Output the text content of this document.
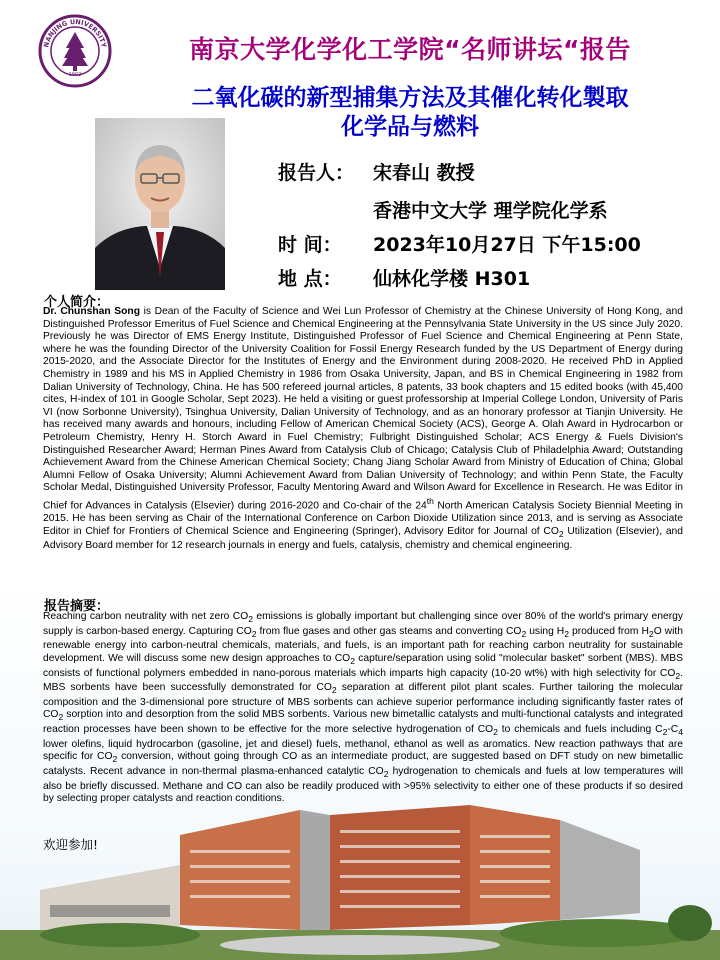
NANJING UNIVERSITY
1902
南京大学化学化工学院“名师讲坛“报告
二氧化碳的新型捕集方法及其催化转化製取
化学品与燃料
报告人： 宋春山 教授
香港中文大学 理学院化学系
时 间： 2023年10月27日 下午15:00
地 点： 仙林化学楼 H301
个人简介：

Dr. Chunshan Song is Dean of the Faculty of Science and Wei Lun Professor of Chemistry at the Chinese University of Hong Kong, and Distinguished Professor Emeritus of Fuel Science and Chemical Engineering at the Pennsylvania State University in the US since July 2020. Previously he was Director of EMS Energy Institute, Distinguished Professor of Fuel Science and Chemical Engineering at Penn State, where he was the founding Director of the University Coalition for Fossil Energy Research funded by the US Department of Energy during 2015-2020, and the Associate Director for the Institutes of Energy and the Environment during 2008-2020. He received PhD in Applied Chemistry in 1989 and his MS in Applied Chemistry in 1986 from Osaka University, Japan, and BS in Chemical Engineering in 1982 from Dalian University of Technology, China. He has 500 refereed journal articles, 8 patents, 33 book chapters and 15 edited books (with 45,400 cites, H-index of 101 in Google Scholar, Sept 2023). He held a visiting or guest professorship at Imperial College London, University of Paris VI (now Sorbonne University), Tsinghua University, Dalian University of Technology, and as an honorary professor at Tianjin University. He has received many awards and honours, including Fellow of American Chemical Society (ACS), George A. Olah Award in Hydrocarbon or Petroleum Chemistry, Henry H. Storch Award in Fuel Chemistry; Fulbright Distinguished Scholar; ACS Energy & Fuels Division's Distinguished Researcher Award; Herman Pines Award from Catalysis Club of Chicago; Catalysis Club of Philadelphia Award; Outstanding Achievement Award from the Chinese American Chemical Society; Chang Jiang Scholar Award from Ministry of Education of China; Global Alumni Fellow of Osaka University; Alumni Achievement Award from Dalian University of Technology; and within Penn State, the Faculty Scholar Medal, Distinguished University Professor, Faculty Mentoring Award and Wilson Award for Excellence in Research. He was Editor in Chief for Advances in Catalysis (Elsevier) during 2016-2020 and Co-chair of the 24th North American Catalysis Society Biennial Meeting in 2015. He has been serving as Chair of the International Conference on Carbon Dioxide Utilization since 2013, and is serving as Associate Editor in Chief for Frontiers of Chemical Science and Engineering (Springer), Advisory Editor for Journal of $CO_2$ Utilization (Elsevier), and Advisory Board member for 12 research journals in energy and fuels, catalysis, chemistry and chemical engineering.

报告摘要：

Reaching carbon neutrality with net zero $CO_2$ emissions is globally important but challenging since over 80% of the world's primary energy supply is carbon-based energy. Capturing $CO_2$ from flue gases and other gas steams and converting $CO_2$ using $H_2$ produced from $H_2O$ with renewable energy into carbon-neutral chemicals, materials, and fuels, is an important path for reaching carbon neutrality for sustainable development. We will discuss some new design approaches to $CO_2$ capture/separation using solid "molecular basket" sorbent (MBS). MBS consists of functional polymers embedded in nano-porous materials which imparts high capacity (10-20 wt%) with high selectivity for $CO_2$. MBS sorbents have been successfully demonstrated for $CO_2$ separation at different pilot plant scales. Further tailoring the molecular composition and the 3-dimensional pore structure of MBS sorbents can achieve superior performance including significantly faster rates of $CO_2$ sorption into and desorption from the solid MBS sorbents. Various new bimetallic catalysts and multi-functional catalysts and integrated reaction processes have been shown to be effective for the more selective hydrogenation of $CO_2$ to chemicals and fuels including $C_2-C_4$ lower olefins, liquid hydrocarbon (gasoline, jet and diesel) fuels, methanol, ethanol as well as aromatics. New reaction pathways that are specific for $CO_2$ conversion, without going through CO as an intermediate product, are suggested based on DFT study on new bimetallic catalysts. Recent advance in non-thermal plasma-enhanced catalytic $CO_2$ hydrogenation to chemicals and fuels at low temperatures will also be briefly discussed. Methane and CO can also be readily produced with >95% selectivity to either one of these products if so desired

欢迎参加!
